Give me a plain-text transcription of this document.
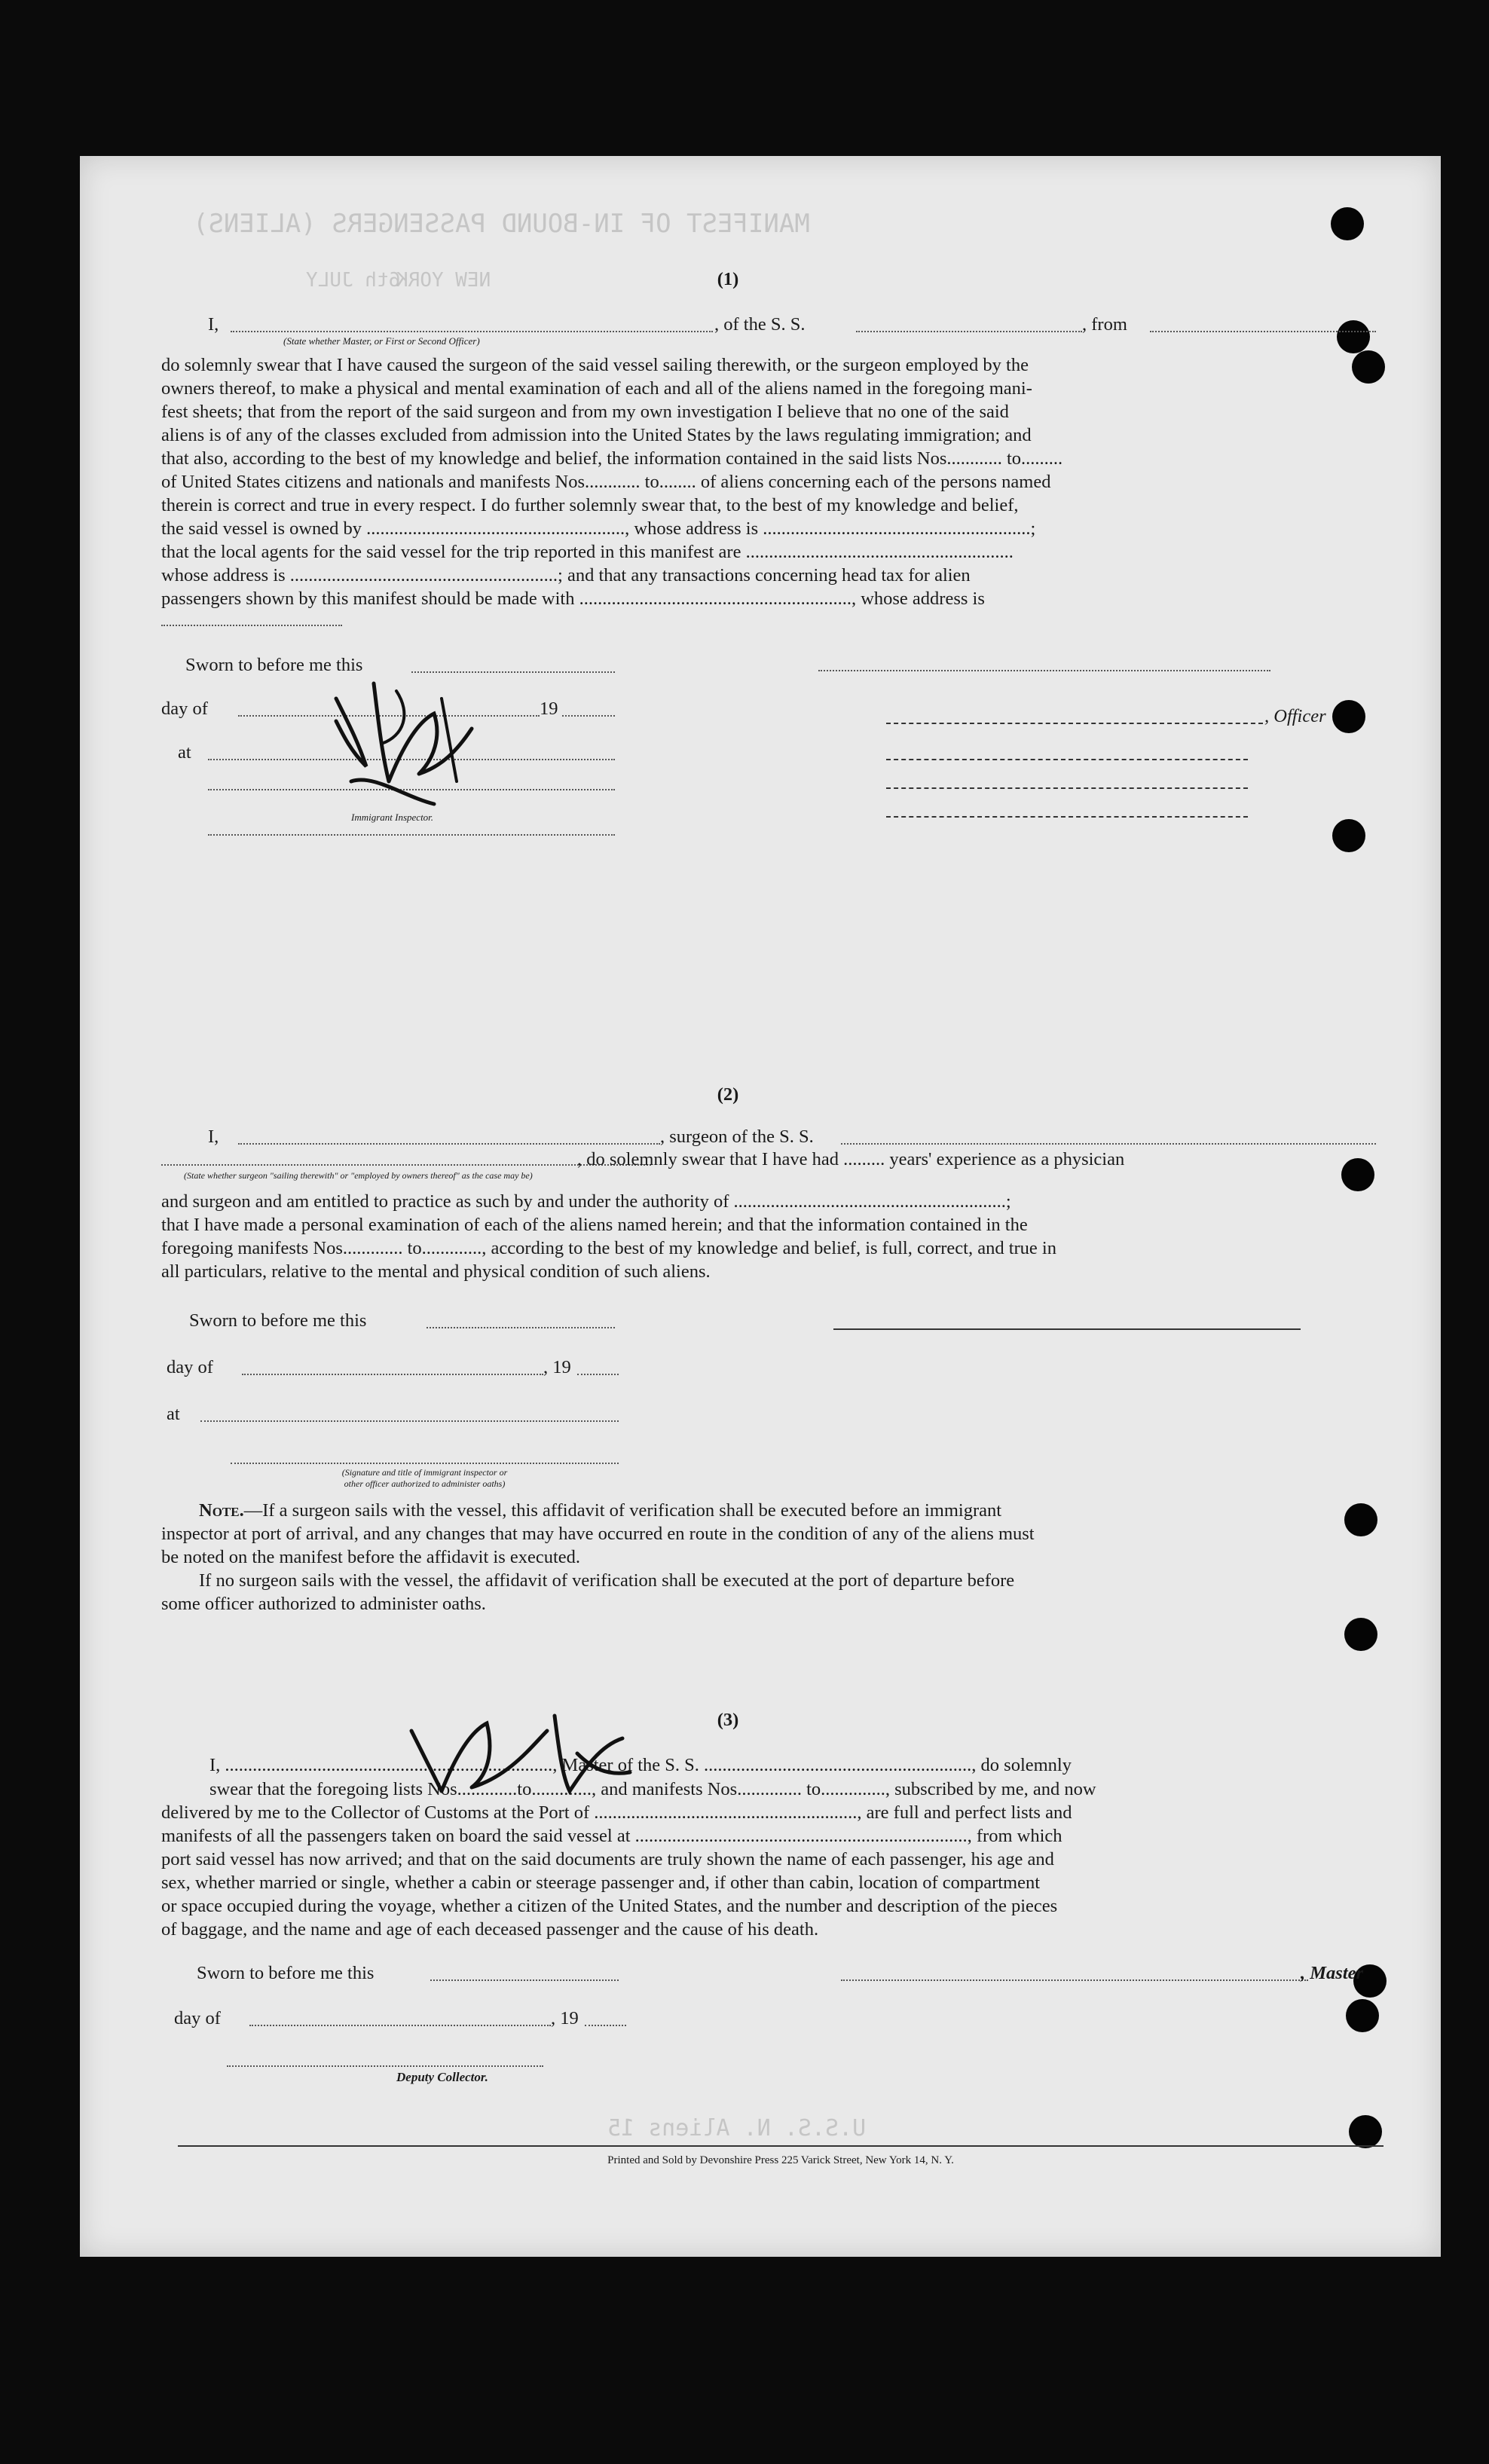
MANIFEST OF IN-BOUND PASSENGERS (ALIENS)
6th JULY
NEW YORK
U.S.S. N. Aliens 15
(1)
I,	, of the S. S.	, from
(State whether Master, or First or Second Officer)
do solemnly swear that I have caused the surgeon of the said vessel sailing therewith, or the surgeon employed by the
owners thereof, to make a physical and mental examination of each and all of the aliens named in the foregoing mani-
fest sheets; that from the report of the said surgeon and from my own investigation I believe that no one of the said
aliens is of any of the classes excluded from admission into the United States by the laws regulating immigration; and
that also, according to the best of my knowledge and belief, the information contained in the said lists Nos............ to.........
of United States citizens and nationals and manifests Nos............ to........ of aliens concerning each of the persons named
therein is correct and true in every respect. I do further solemnly swear that, to the best of my knowledge and belief,
the said vessel is owned by ........................................................, whose address is ..........................................................;
that the local agents for the said vessel for the trip reported in this manifest are ..........................................................
whose address is ..........................................................; and that any transactions concerning head tax for alien
passengers shown by this manifest should be made with ..........................................................., whose address is
Sworn to before me this
day of	19
at
Immigrant Inspector.
, Officer
(2)
I,	, surgeon of the S. S.
, do solemnly swear that I have had ......... years' experience as a physician
(State whether surgeon "sailing therewith" or "employed by owners thereof" as the case may be)
and surgeon and am entitled to practice as such by and under the authority of ...........................................................;
that I have made a personal examination of each of the aliens named herein; and that the information contained in the
foregoing manifests Nos............. to............., according to the best of my knowledge and belief, is full, correct, and true in
all particulars, relative to the mental and physical condition of such aliens.
Sworn to before me this
day of	, 19
at
(Signature and title of immigrant inspector or
other officer authorized to administer oaths)
Note.—If a surgeon sails with the vessel, this affidavit of verification shall be executed before an immigrant
inspector at port of arrival, and any changes that may have occurred en route in the condition of any of the aliens must
be noted on the manifest before the affidavit is executed.
If no surgeon sails with the vessel, the affidavit of verification shall be executed at the port of departure before
some officer authorized to administer oaths.
(3)
I, ......................................................................., Master of the S. S. .........................................................., do solemnly
swear that the foregoing lists Nos.............to............., and manifests Nos.............. to.............., subscribed by me, and now
delivered by me to the Collector of Customs at the Port of ........................................................., are full and perfect lists and
manifests of all the passengers taken on board the said vessel at ........................................................................, from which
port said vessel has now arrived; and that on the said documents are truly shown the name of each passenger, his age and
sex, whether married or single, whether a cabin or steerage passenger and, if other than cabin, location of compartment
or space occupied during the voyage, whether a citizen of the United States, and the number and description of the pieces
of baggage, and the name and age of each deceased passenger and the cause of his death.
Sworn to before me this
day of	, 19
, Master
Deputy Collector.
Printed and Sold by Devonshire Press 225 Varick Street, New York 14, N. Y.
